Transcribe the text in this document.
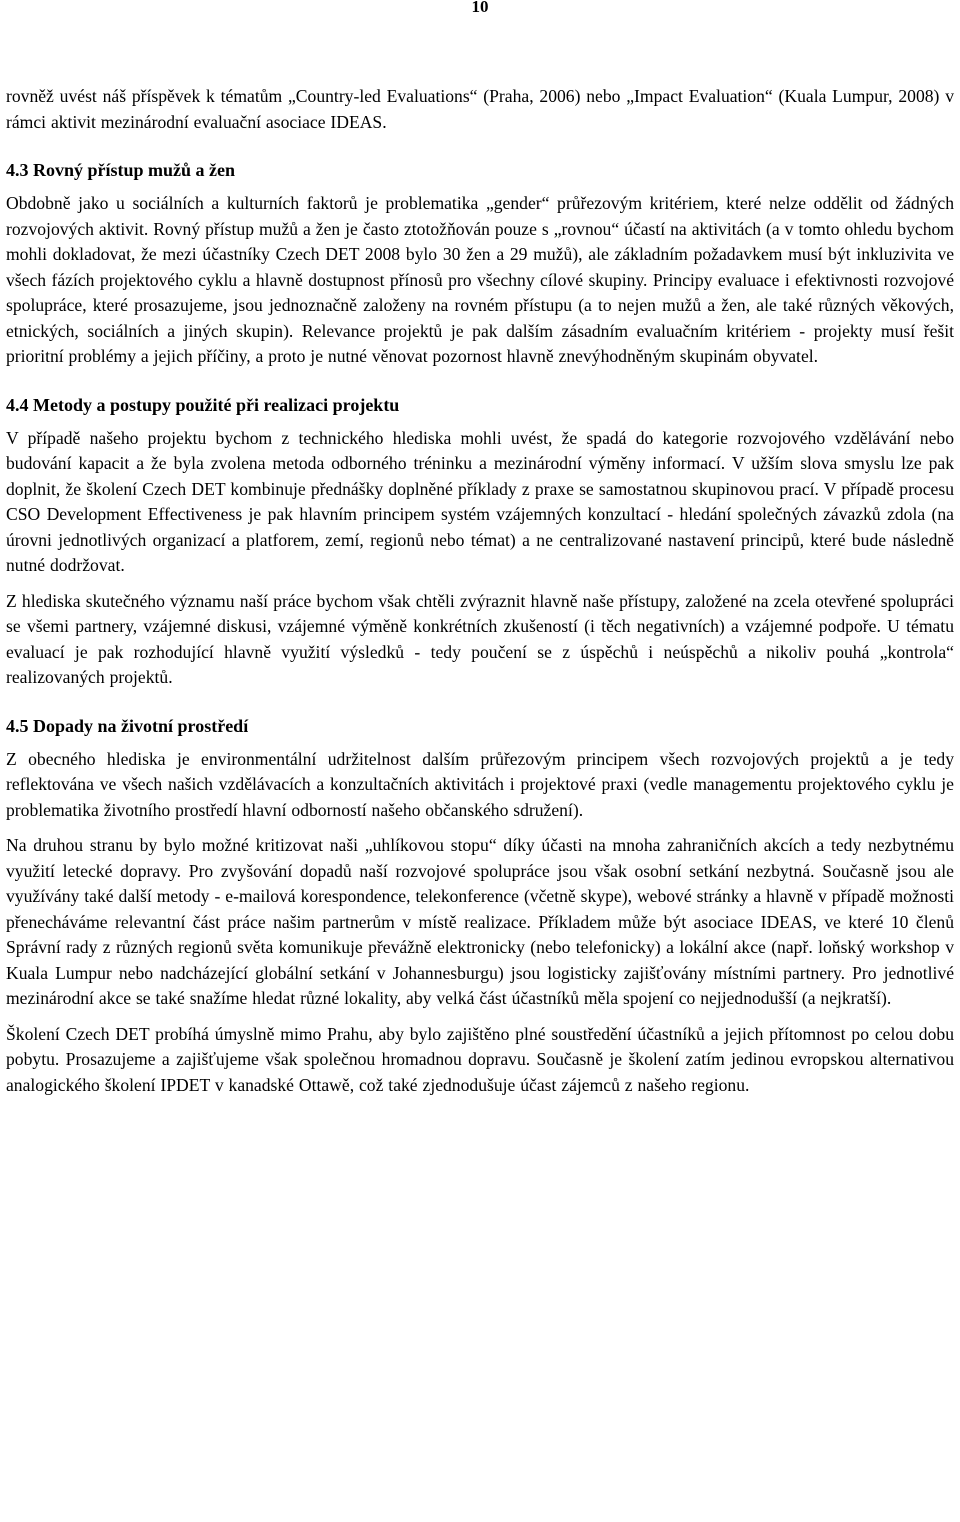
10

rovněž uvést náš příspěvek k tématům „Country-led Evaluations“ (Praha, 2006) nebo „Impact Evaluation“ (Kuala Lumpur, 2008) v rámci aktivit mezinárodní evaluační asociace IDEAS.

4.3 Rovný přístup mužů a žen

Obdobně jako u sociálních a kulturních faktorů je problematika „gender“ průřezovým kritériem, které nelze oddělit od žádných rozvojových aktivit. Rovný přístup mužů a žen je často ztotožňován pouze s „rovnou“ účastí na aktivitách (a v tomto ohledu bychom mohli dokladovat, že mezi účastníky Czech DET 2008 bylo 30 žen a 29 mužů), ale základním požadavkem musí být inkluzivita ve všech fázích projektového cyklu a hlavně dostupnost přínosů pro všechny cílové skupiny. Principy evaluace i efektivnosti rozvojové spolupráce, které prosazujeme, jsou jednoznačně založeny na rovném přístupu (a to nejen mužů a žen, ale také různých věkových, etnických, sociálních a jiných skupin). Relevance projektů je pak dalším zásadním evaluačním kritériem - projekty musí řešit prioritní problémy a jejich příčiny, a proto je nutné věnovat pozornost hlavně znevýhodněným skupinám obyvatel.

4.4 Metody a postupy použité při realizaci projektu

V případě našeho projektu bychom z technického hlediska mohli uvést, že spadá do kategorie rozvojového vzdělávání nebo budování kapacit a že byla zvolena metoda odborného tréninku a mezinárodní výměny informací. V užším slova smyslu lze pak doplnit, že školení Czech DET kombinuje přednášky doplněné příklady z praxe se samostatnou skupinovou prací. V případě procesu CSO Development Effectiveness je pak hlavním principem systém vzájemných konzultací - hledání společných závazků zdola (na úrovni jednotlivých organizací a platforem, zemí, regionů nebo témat) a ne centralizované nastavení principů, které bude následně nutné dodržovat.

Z hlediska skutečného významu naší práce bychom však chtěli zvýraznit hlavně naše přístupy, založené na zcela otevřené spolupráci se všemi partnery, vzájemné diskusi, vzájemné výměně konkrétních zkušeností (i těch negativních) a vzájemné podpoře. U tématu evaluací je pak rozhodující hlavně využití výsledků - tedy poučení se z úspěchů i neúspěchů a nikoliv pouhá „kontrola“ realizovaných projektů.

4.5 Dopady na životní prostředí

Z obecného hlediska je environmentální udržitelnost dalším průřezovým principem všech rozvojových projektů a je tedy reflektována ve všech našich vzdělávacích a konzultačních aktivitách i projektové praxi (vedle managementu projektového cyklu je problematika životního prostředí hlavní odborností našeho občanského sdružení).

Na druhou stranu by bylo možné kritizovat naši „uhlíkovou stopu“ díky účasti na mnoha zahraničních akcích a tedy nezbytnému využití letecké dopravy. Pro zvyšování dopadů naší rozvojové spolupráce jsou však osobní setkání nezbytná. Současně jsou ale využívány také další metody - e-mailová korespondence, telekonference (včetně skype), webové stránky a hlavně v případě možnosti přenecháváme relevantní část práce našim partnerům v místě realizace. Příkladem může být asociace IDEAS, ve které 10 členů Správní rady z různých regionů světa komunikuje převážně elektronicky (nebo telefonicky) a lokální akce (např. loňský workshop v Kuala Lumpur nebo nadcházející globální setkání v Johannesburgu) jsou logisticky zajišťovány místními partnery. Pro jednotlivé mezinárodní akce se také snažíme hledat různé lokality, aby velká část účastníků měla spojení co nejjednodušší (a nejkratší).

Školení Czech DET probíhá úmyslně mimo Prahu, aby bylo zajištěno plné soustředění účastníků a jejich přítomnost po celou dobu pobytu. Prosazujeme a zajišťujeme však společnou hromadnou dopravu. Současně je školení zatím jedinou evropskou alternativou analogického školení IPDET v kanadské Ottawě, což také zjednodušuje účast zájemců z našeho regionu.
